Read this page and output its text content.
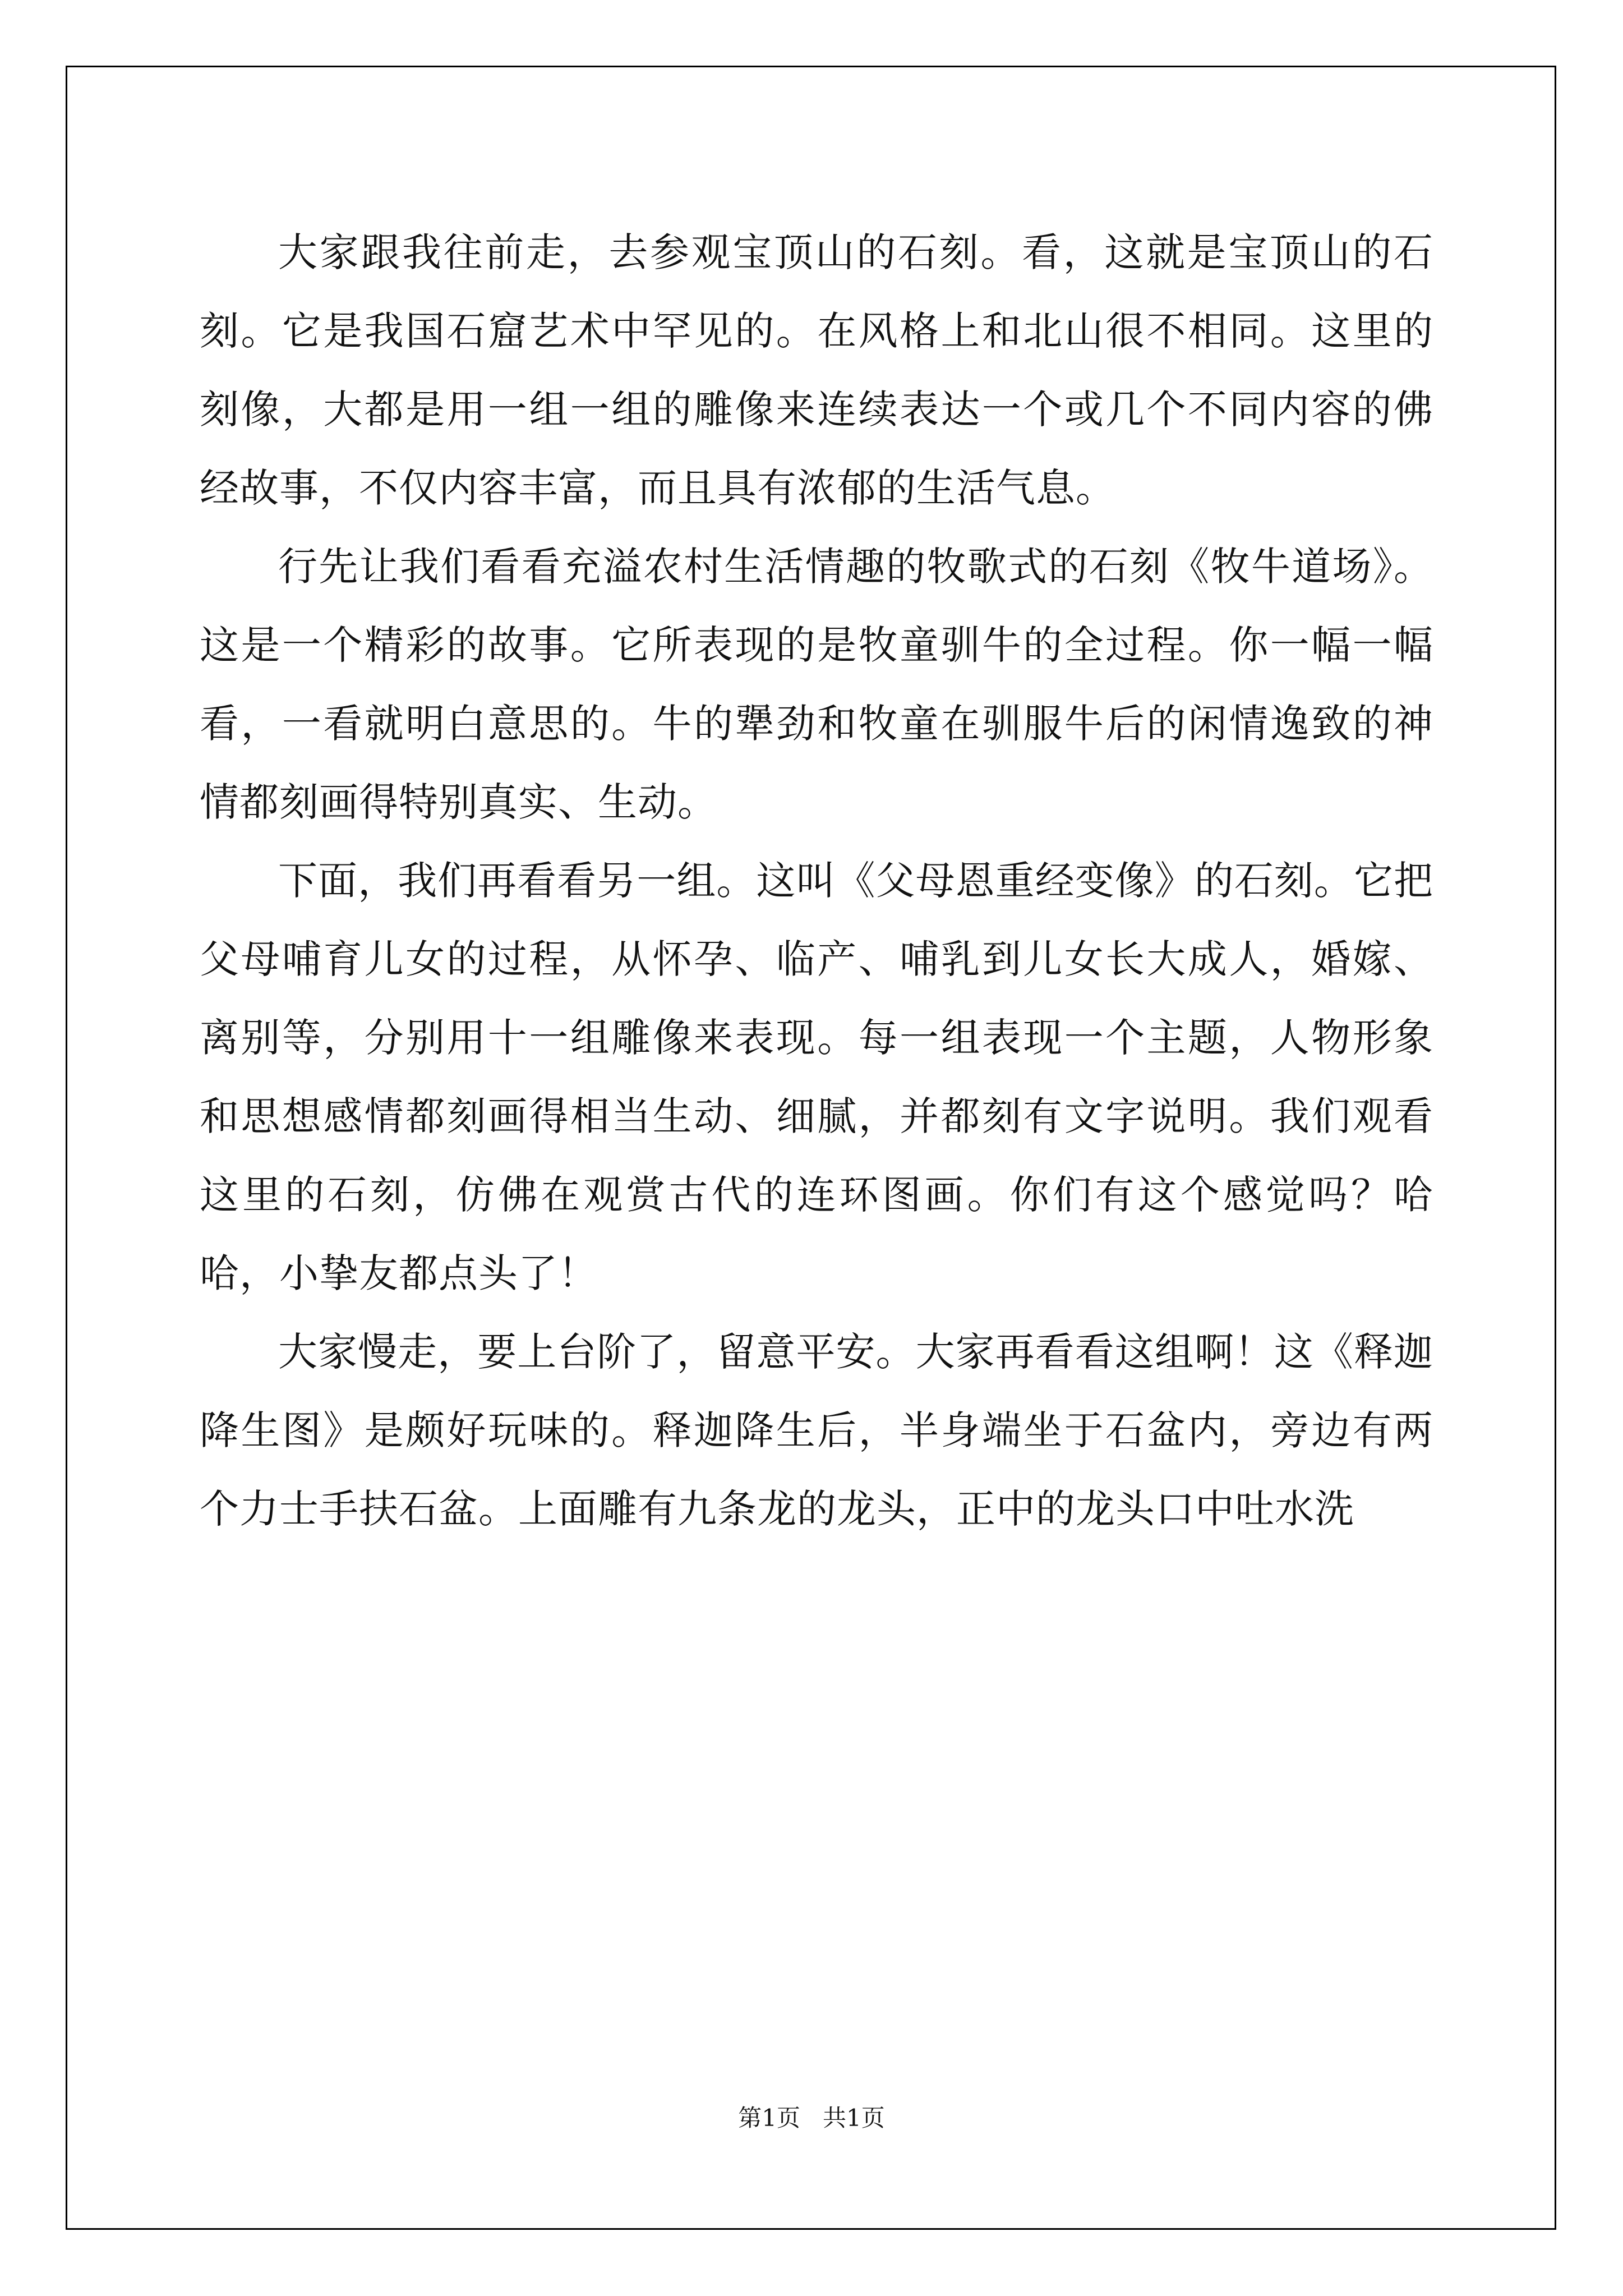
大家跟我往前走，去参观宝顶山的石刻。看，这就是宝顶山的石刻。它是我国石窟艺术中罕见的。在风格上和北山很不相同。这里的刻像，大都是用一组一组的雕像来连续表达一个或几个不同内容的佛经故事，不仅内容丰富，而且具有浓郁的生活气息。

行先让我们看看充溢农村生活情趣的牧歌式的石刻《牧牛道场》。这是一个精彩的故事。它所表现的是牧童驯牛的全过程。你一幅一幅看，一看就明白意思的。牛的犟劲和牧童在驯服牛后的闲情逸致的神情都刻画得特别真实、生动。

下面，我们再看看另一组。这叫《父母恩重经变像》的石刻。它把父母哺育儿女的过程，从怀孕、临产、哺乳到儿女长大成人，婚嫁、离别等，分别用十一组雕像来表现。每一组表现一个主题，人物形象和思想感情都刻画得相当生动、细腻，并都刻有文字说明。我们观看这里的石刻，仿佛在观赏古代的连环图画。你们有这个感觉吗？哈哈，小挚友都点头了！

大家慢走，要上台阶了，留意平安。大家再看看这组啊！这《释迦降生图》是颇好玩味的。释迦降生后，半身端坐于石盆内，旁边有两个力士手扶石盆。上面雕有九条龙的龙头，正中的龙头口中吐水洗

第1页 共1页
